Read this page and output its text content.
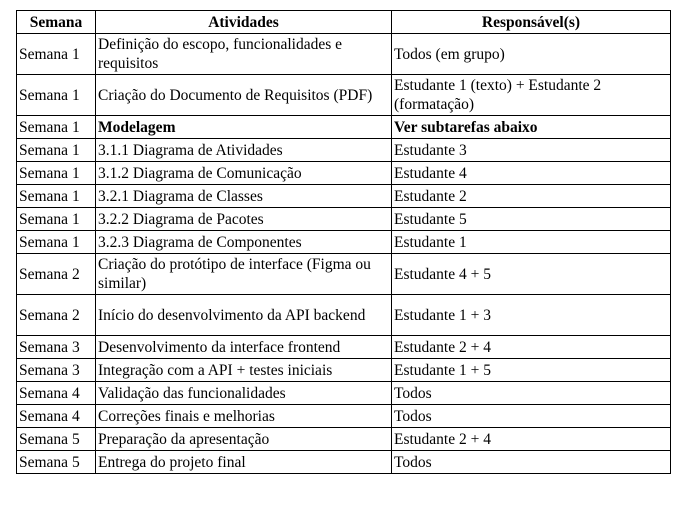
Semana	Atividades	Responsável(s)
Semana 1	Definição do escopo, funcionalidades e requisitos	Todos (em grupo)
Semana 1	Criação do Documento de Requisitos (PDF)	Estudante 1 (texto) + Estudante 2 (formatação)
Semana 1	Modelagem	Ver subtarefas abaixo
Semana 1	3.1.1 Diagrama de Atividades	Estudante 3
Semana 1	3.1.2 Diagrama de Comunicação	Estudante 4
Semana 1	3.2.1 Diagrama de Classes	Estudante 2
Semana 1	3.2.2 Diagrama de Pacotes	Estudante 5
Semana 1	3.2.3 Diagrama de Componentes	Estudante 1
Semana 2	Criação do protótipo de interface (Figma ou similar)	Estudante 4 + 5
Semana 2	Início do desenvolvimento da API backend	Estudante 1 + 3
Semana 3	Desenvolvimento da interface frontend	Estudante 2 + 4
Semana 3	Integração com a API + testes iniciais	Estudante 1 + 5
Semana 4	Validação das funcionalidades	Todos
Semana 4	Correções finais e melhorias	Todos
Semana 5	Preparação da apresentação	Estudante 2 + 4
Semana 5	Entrega do projeto final	Todos
